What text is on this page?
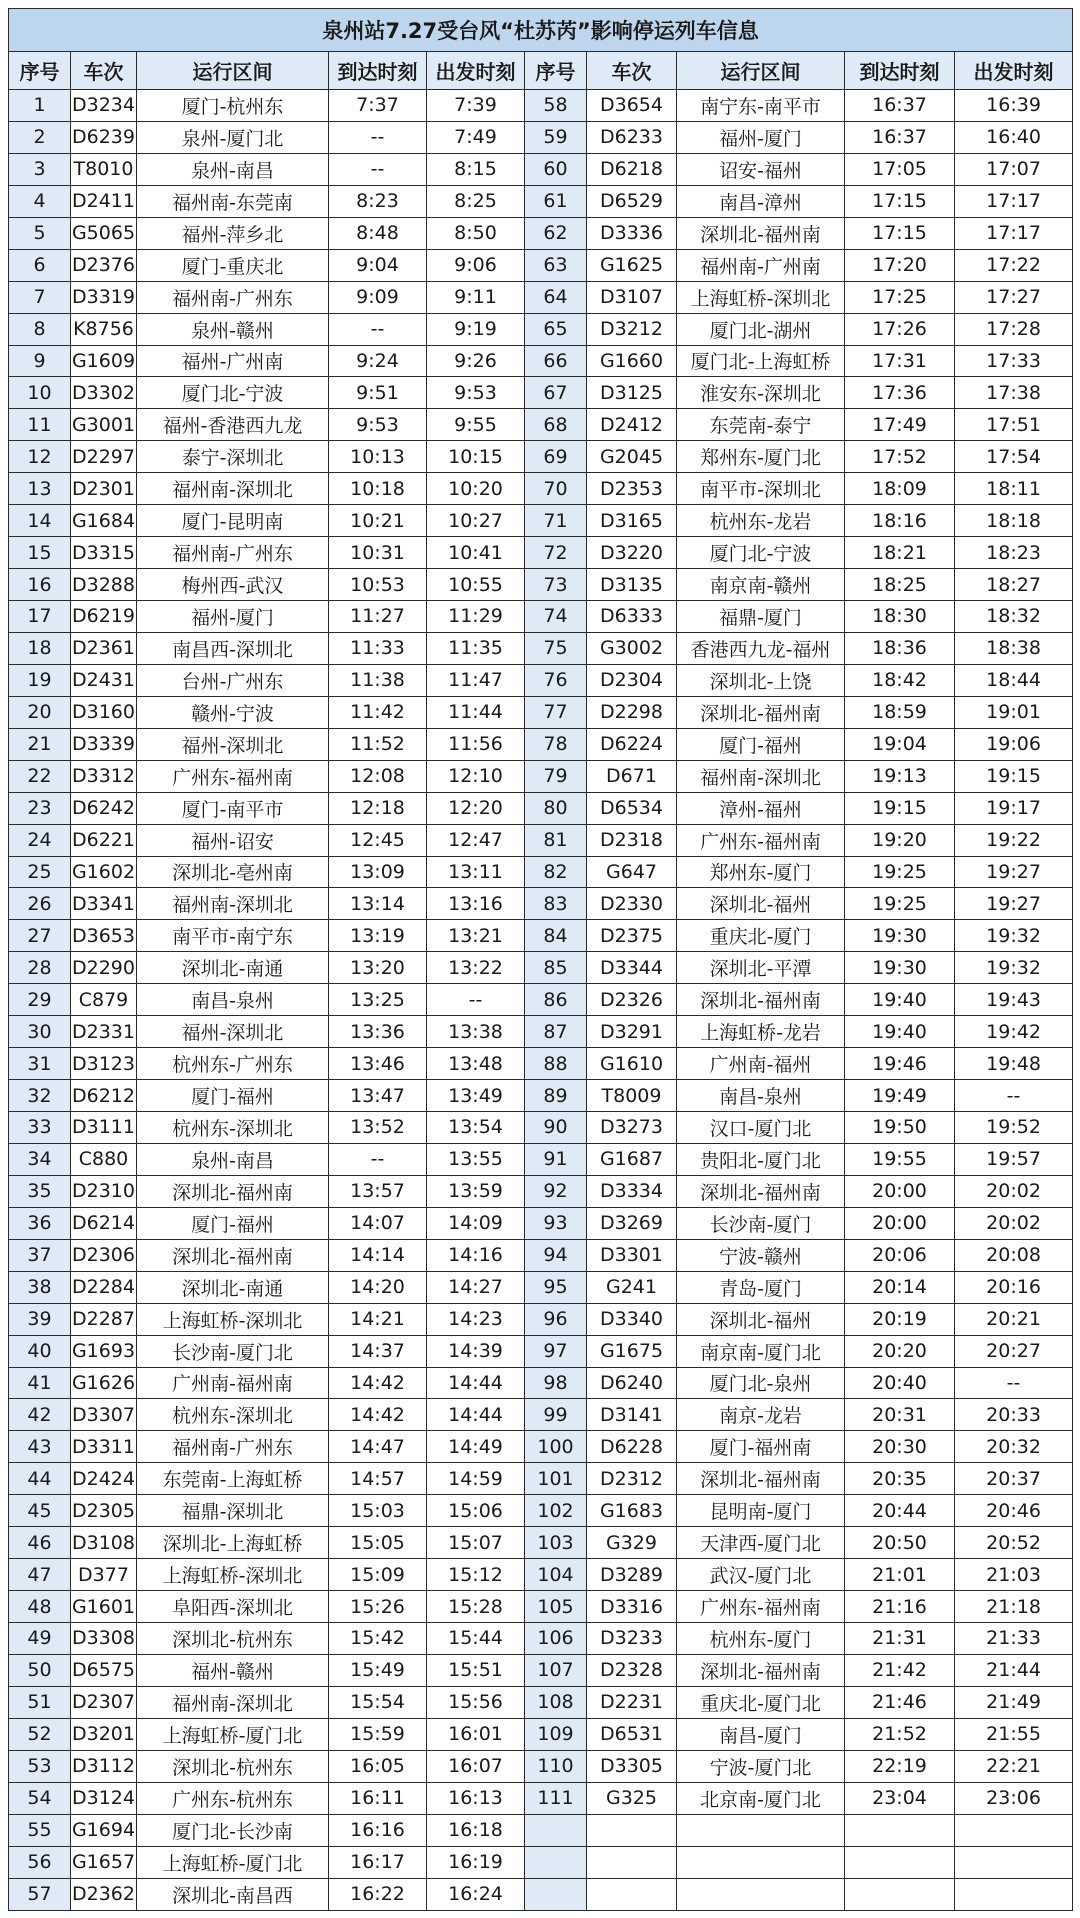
泉州站7.27受台风“杜苏芮”影响停运列车信息									
序号	车次	运行区间	到达时刻	出发时刻	序号	车次	运行区间	到达时刻	出发时刻
1	D3234	厦门-杭州东	7:37	7:39	58	D3654	南宁东-南平市	16:37	16:39
2	D6239	泉州-厦门北	--	7:49	59	D6233	福州-厦门	16:37	16:40
3	T8010	泉州-南昌	--	8:15	60	D6218	诏安-福州	17:05	17:07
4	D2411	福州南-东莞南	8:23	8:25	61	D6529	南昌-漳州	17:15	17:17
5	G5065	福州-萍乡北	8:48	8:50	62	D3336	深圳北-福州南	17:15	17:17
6	D2376	厦门-重庆北	9:04	9:06	63	G1625	福州南-广州南	17:20	17:22
7	D3319	福州南-广州东	9:09	9:11	64	D3107	上海虹桥-深圳北	17:25	17:27
8	K8756	泉州-赣州	--	9:19	65	D3212	厦门北-湖州	17:26	17:28
9	G1609	福州-广州南	9:24	9:26	66	G1660	厦门北-上海虹桥	17:31	17:33
10	D3302	厦门北-宁波	9:51	9:53	67	D3125	淮安东-深圳北	17:36	17:38
11	G3001	福州-香港西九龙	9:53	9:55	68	D2412	东莞南-泰宁	17:49	17:51
12	D2297	泰宁-深圳北	10:13	10:15	69	G2045	郑州东-厦门北	17:52	17:54
13	D2301	福州南-深圳北	10:18	10:20	70	D2353	南平市-深圳北	18:09	18:11
14	G1684	厦门-昆明南	10:21	10:27	71	D3165	杭州东-龙岩	18:16	18:18
15	D3315	福州南-广州东	10:31	10:41	72	D3220	厦门北-宁波	18:21	18:23
16	D3288	梅州西-武汉	10:53	10:55	73	D3135	南京南-赣州	18:25	18:27
17	D6219	福州-厦门	11:27	11:29	74	D6333	福鼎-厦门	18:30	18:32
18	D2361	南昌西-深圳北	11:33	11:35	75	G3002	香港西九龙-福州	18:36	18:38
19	D2431	台州-广州东	11:38	11:47	76	D2304	深圳北-上饶	18:42	18:44
20	D3160	赣州-宁波	11:42	11:44	77	D2298	深圳北-福州南	18:59	19:01
21	D3339	福州-深圳北	11:52	11:56	78	D6224	厦门-福州	19:04	19:06
22	D3312	广州东-福州南	12:08	12:10	79	D671	福州南-深圳北	19:13	19:15
23	D6242	厦门-南平市	12:18	12:20	80	D6534	漳州-福州	19:15	19:17
24	D6221	福州-诏安	12:45	12:47	81	D2318	广州东-福州南	19:20	19:22
25	G1602	深圳北-亳州南	13:09	13:11	82	G647	郑州东-厦门	19:25	19:27
26	D3341	福州南-深圳北	13:14	13:16	83	D2330	深圳北-福州	19:25	19:27
27	D3653	南平市-南宁东	13:19	13:21	84	D2375	重庆北-厦门	19:30	19:32
28	D2290	深圳北-南通	13:20	13:22	85	D3344	深圳北-平潭	19:30	19:32
29	C879	南昌-泉州	13:25	--	86	D2326	深圳北-福州南	19:40	19:43
30	D2331	福州-深圳北	13:36	13:38	87	D3291	上海虹桥-龙岩	19:40	19:42
31	D3123	杭州东-广州东	13:46	13:48	88	G1610	广州南-福州	19:46	19:48
32	D6212	厦门-福州	13:47	13:49	89	T8009	南昌-泉州	19:49	--
33	D3111	杭州东-深圳北	13:52	13:54	90	D3273	汉口-厦门北	19:50	19:52
34	C880	泉州-南昌	--	13:55	91	G1687	贵阳北-厦门北	19:55	19:57
35	D2310	深圳北-福州南	13:57	13:59	92	D3334	深圳北-福州南	20:00	20:02
36	D6214	厦门-福州	14:07	14:09	93	D3269	长沙南-厦门	20:00	20:02
37	D2306	深圳北-福州南	14:14	14:16	94	D3301	宁波-赣州	20:06	20:08
38	D2284	深圳北-南通	14:20	14:27	95	G241	青岛-厦门	20:14	20:16
39	D2287	上海虹桥-深圳北	14:21	14:23	96	D3340	深圳北-福州	20:19	20:21
40	G1693	长沙南-厦门北	14:37	14:39	97	G1675	南京南-厦门北	20:20	20:27
41	G1626	广州南-福州南	14:42	14:44	98	D6240	厦门北-泉州	20:40	--
42	D3307	杭州东-深圳北	14:42	14:44	99	D3141	南京-龙岩	20:31	20:33
43	D3311	福州南-广州东	14:47	14:49	100	D6228	厦门-福州南	20:30	20:32
44	D2424	东莞南-上海虹桥	14:57	14:59	101	D2312	深圳北-福州南	20:35	20:37
45	D2305	福鼎-深圳北	15:03	15:06	102	G1683	昆明南-厦门	20:44	20:46
46	D3108	深圳北-上海虹桥	15:05	15:07	103	G329	天津西-厦门北	20:50	20:52
47	D377	上海虹桥-深圳北	15:09	15:12	104	D3289	武汉-厦门北	21:01	21:03
48	G1601	阜阳西-深圳北	15:26	15:28	105	D3316	广州东-福州南	21:16	21:18
49	D3308	深圳北-杭州东	15:42	15:44	106	D3233	杭州东-厦门	21:31	21:33
50	D6575	福州-赣州	15:49	15:51	107	D2328	深圳北-福州南	21:42	21:44
51	D2307	福州南-深圳北	15:54	15:56	108	D2231	重庆北-厦门北	21:46	21:49
52	D3201	上海虹桥-厦门北	15:59	16:01	109	D6531	南昌-厦门	21:52	21:55
53	D3112	深圳北-杭州东	16:05	16:07	110	D3305	宁波-厦门北	22:19	22:21
54	D3124	广州东-杭州东	16:11	16:13	111	G325	北京南-厦门北	23:04	23:06
55	G1694	厦门北-长沙南	16:16	16:18					
56	G1657	上海虹桥-厦门北	16:17	16:19					
57	D2362	深圳北-南昌西	16:22	16:24					
